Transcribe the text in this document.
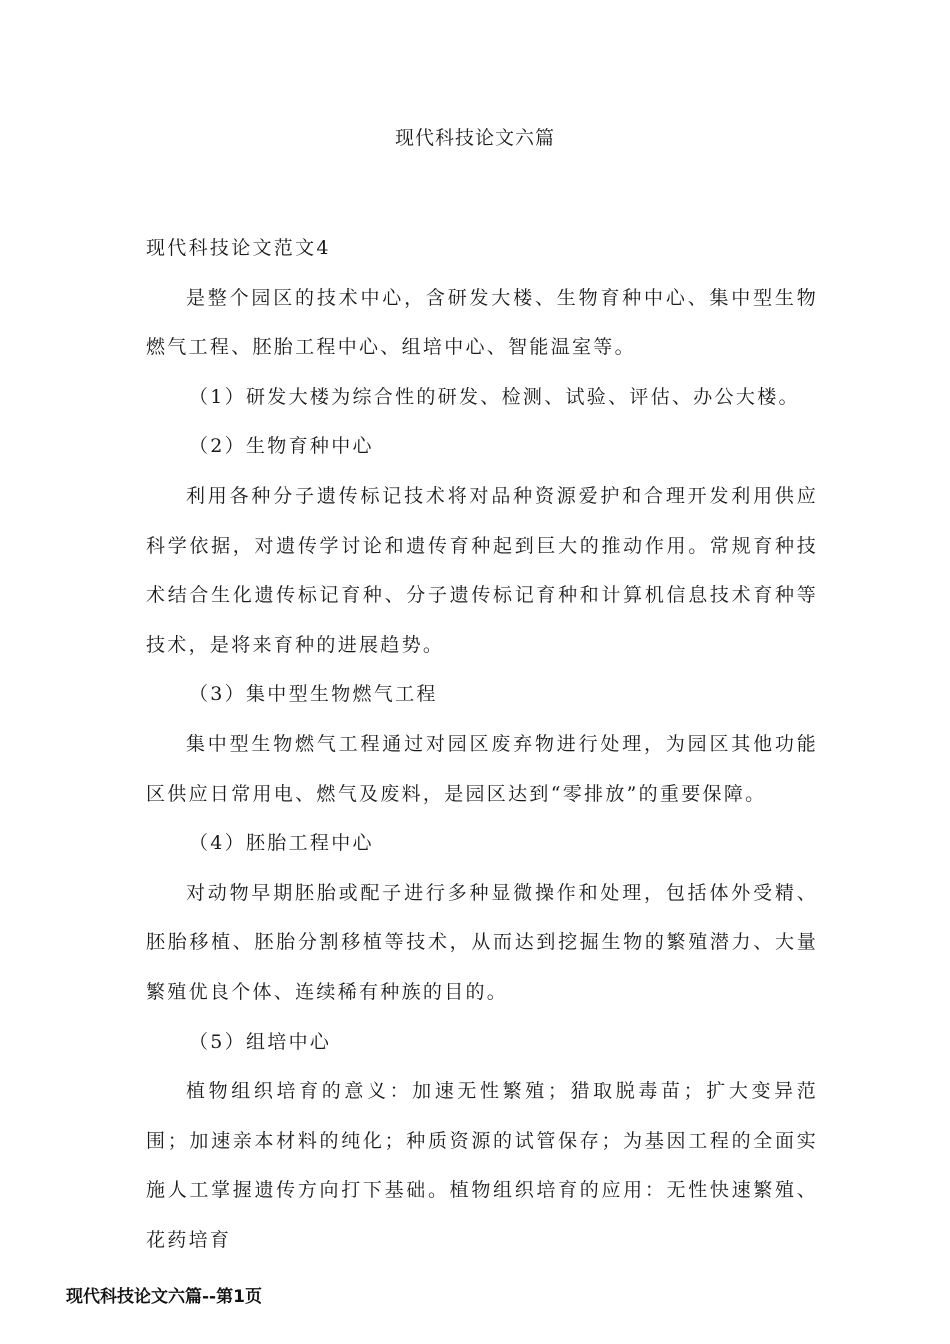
现代科技论文六篇

现代科技论文范文4

是整个园区的技术中心，含研发大楼、生物育种中心、集中型生物燃气工程、胚胎工程中心、组培中心、智能温室等。

（1）研发大楼为综合性的研发、检测、试验、评估、办公大楼。

（2）生物育种中心

利用各种分子遗传标记技术将对品种资源爱护和合理开发利用供应科学依据，对遗传学讨论和遗传育种起到巨大的推动作用。常规育种技术结合生化遗传标记育种、分子遗传标记育种和计算机信息技术育种等技术，是将来育种的进展趋势。

（3）集中型生物燃气工程

集中型生物燃气工程通过对园区废弃物进行处理，为园区其他功能区供应日常用电、燃气及废料，是园区达到“零排放”的重要保障。

（4）胚胎工程中心

对动物早期胚胎或配子进行多种显微操作和处理，包括体外受精、胚胎移植、胚胎分割移植等技术，从而达到挖掘生物的繁殖潜力、大量繁殖优良个体、连续稀有种族的目的。

（5）组培中心

植物组织培育的意义：加速无性繁殖；猎取脱毒苗；扩大变异范围；加速亲本材料的纯化；种质资源的试管保存；为基因工程的全面实施人工掌握遗传方向打下基础。植物组织培育的应用：无性快速繁殖、花药培育

现代科技论文六篇--第1页
